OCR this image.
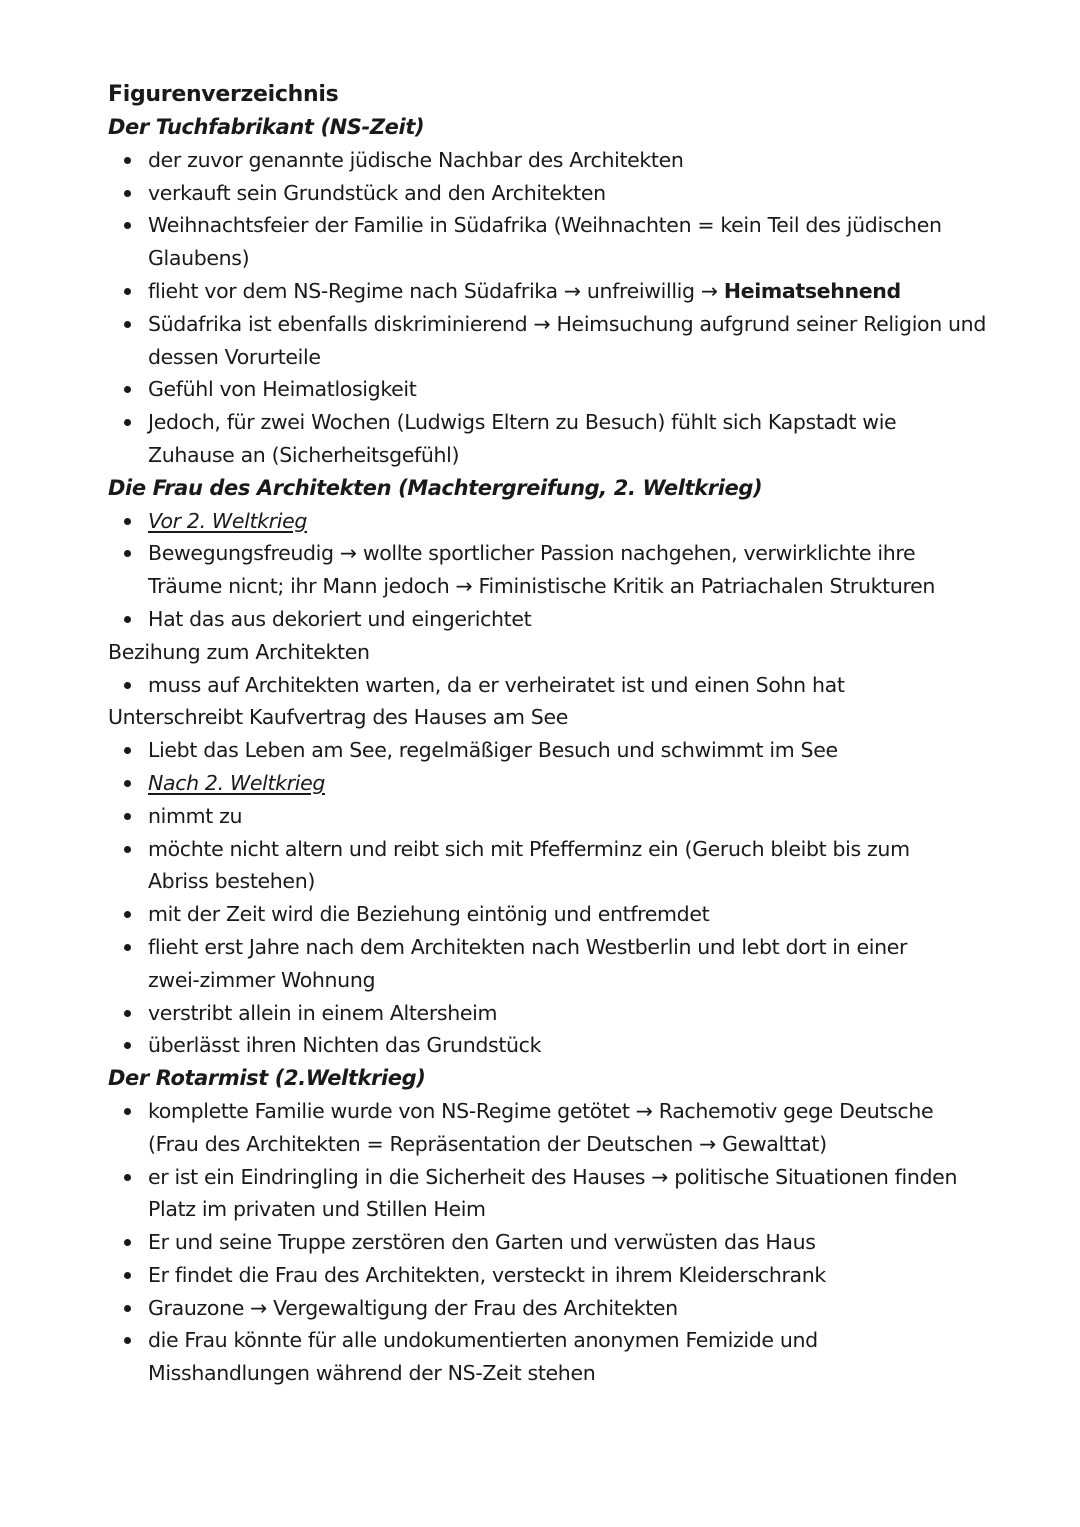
Figurenverzeichnis
Der Tuchfabrikant (NS-Zeit)
der zuvor genannte jüdische Nachbar des Architekten
verkauft sein Grundstück and den Architekten
Weihnachtsfeier der Familie in Südafrika (Weihnachten = kein Teil des jüdischen Glaubens)
flieht vor dem NS-Regime nach Südafrika → unfreiwillig → Heimatsehnend
Südafrika ist ebenfalls diskriminierend → Heimsuchung aufgrund seiner Religion und dessen Vorurteile
Gefühl von Heimatlosigkeit
Jedoch, für zwei Wochen (Ludwigs Eltern zu Besuch) fühlt sich Kapstadt wie Zuhause an (Sicherheitsgefühl)
Die Frau des Architekten (Machtergreifung, 2. Weltkrieg)
Vor 2. Weltkrieg
Bewegungsfreudig → wollte sportlicher Passion nachgehen, verwirklichte ihre Träume nicnt; ihr Mann jedoch → Fiministische Kritik an Patriachalen Strukturen
Hat das aus dekoriert und eingerichtet
Bezihung zum Architekten
muss auf Architekten warten, da er verheiratet ist und einen Sohn hat
Unterschreibt Kaufvertrag des Hauses am See
Liebt das Leben am See, regelmäßiger Besuch und schwimmt im See
Nach 2. Weltkrieg
nimmt zu
möchte nicht altern und reibt sich mit Pfefferminz ein (Geruch bleibt bis zum Abriss bestehen)
mit der Zeit wird die Beziehung eintönig und entfremdet
flieht erst Jahre nach dem Architekten nach Westberlin und lebt dort in einer zwei-zimmer Wohnung
verstribt allein in einem Altersheim
überlässt ihren Nichten das Grundstück
Der Rotarmist (2.Weltkrieg)
komplette Familie wurde von NS-Regime getötet → Rachemotiv gege Deutsche (Frau des Architekten = Repräsentation der Deutschen → Gewalttat)
er ist ein Eindringling in die Sicherheit des Hauses → politische Situationen finden Platz im privaten und Stillen Heim
Er und seine Truppe zerstören den Garten und verwüsten das Haus
Er findet die Frau des Architekten, versteckt in ihrem Kleiderschrank
Grauzone → Vergewaltigung der Frau des Architekten
die Frau könnte für alle undokumentierten anonymen Femizide und Misshandlungen während der NS-Zeit stehen
